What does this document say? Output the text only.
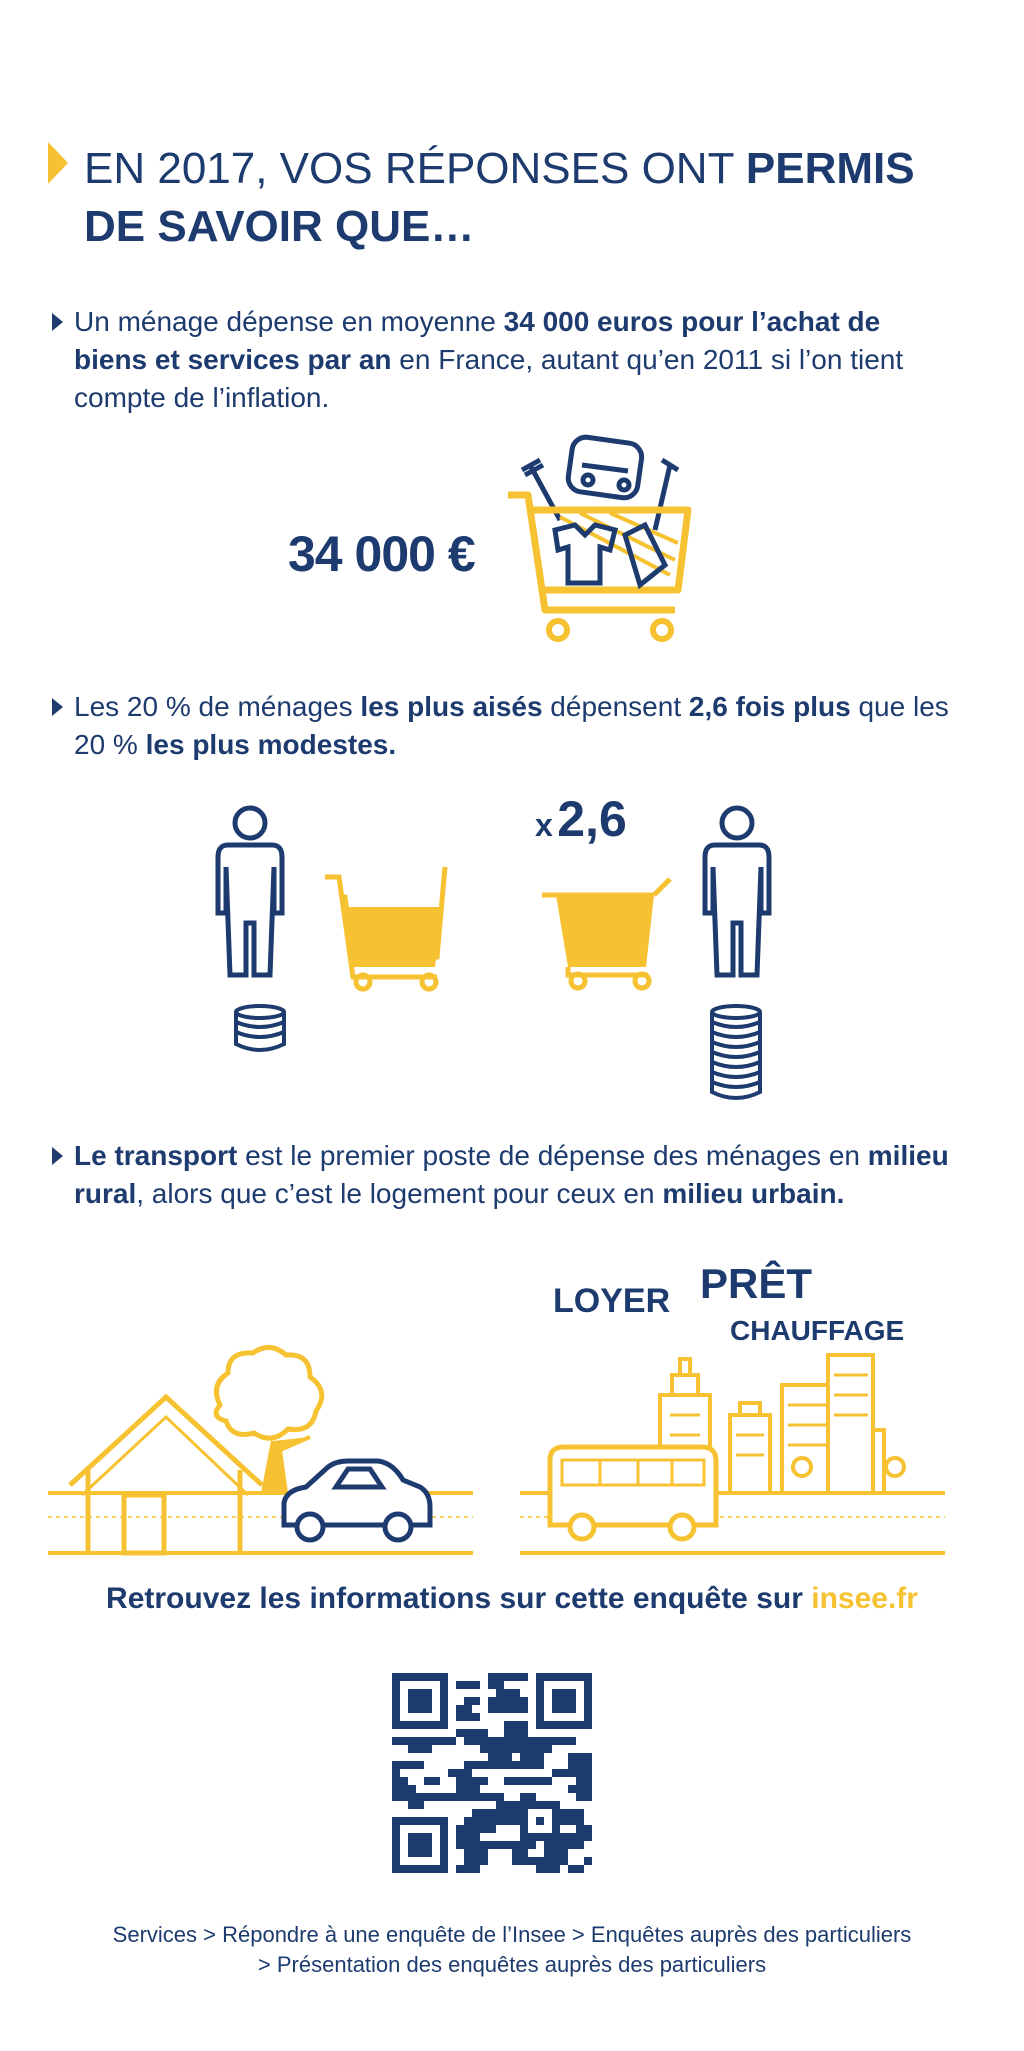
EN 2017, VOS RÉPONSES ONT PERMIS
DE SAVOIR QUE…

Un ménage dépense en moyenne 34 000 euros pour l’achat de biens et services par an en France, autant qu’en 2011 si l’on tient compte de l’inflation.

34 000 €

Les 20 % de ménages les plus aisés dépensent 2,6 fois plus que les 20 % les plus modestes.

x 2,6

Le transport est le premier poste de dépense des ménages en milieu rural, alors que c’est le logement pour ceux en milieu urbain.

LOYER PRÊT
CHAUFFAGE
Retrouvez les informations sur cette enquête sur insee.fr
Services > Répondre à une enquête de l’Insee > Enquêtes auprès des particuliers
> Présentation des enquêtes auprès des particuliers
